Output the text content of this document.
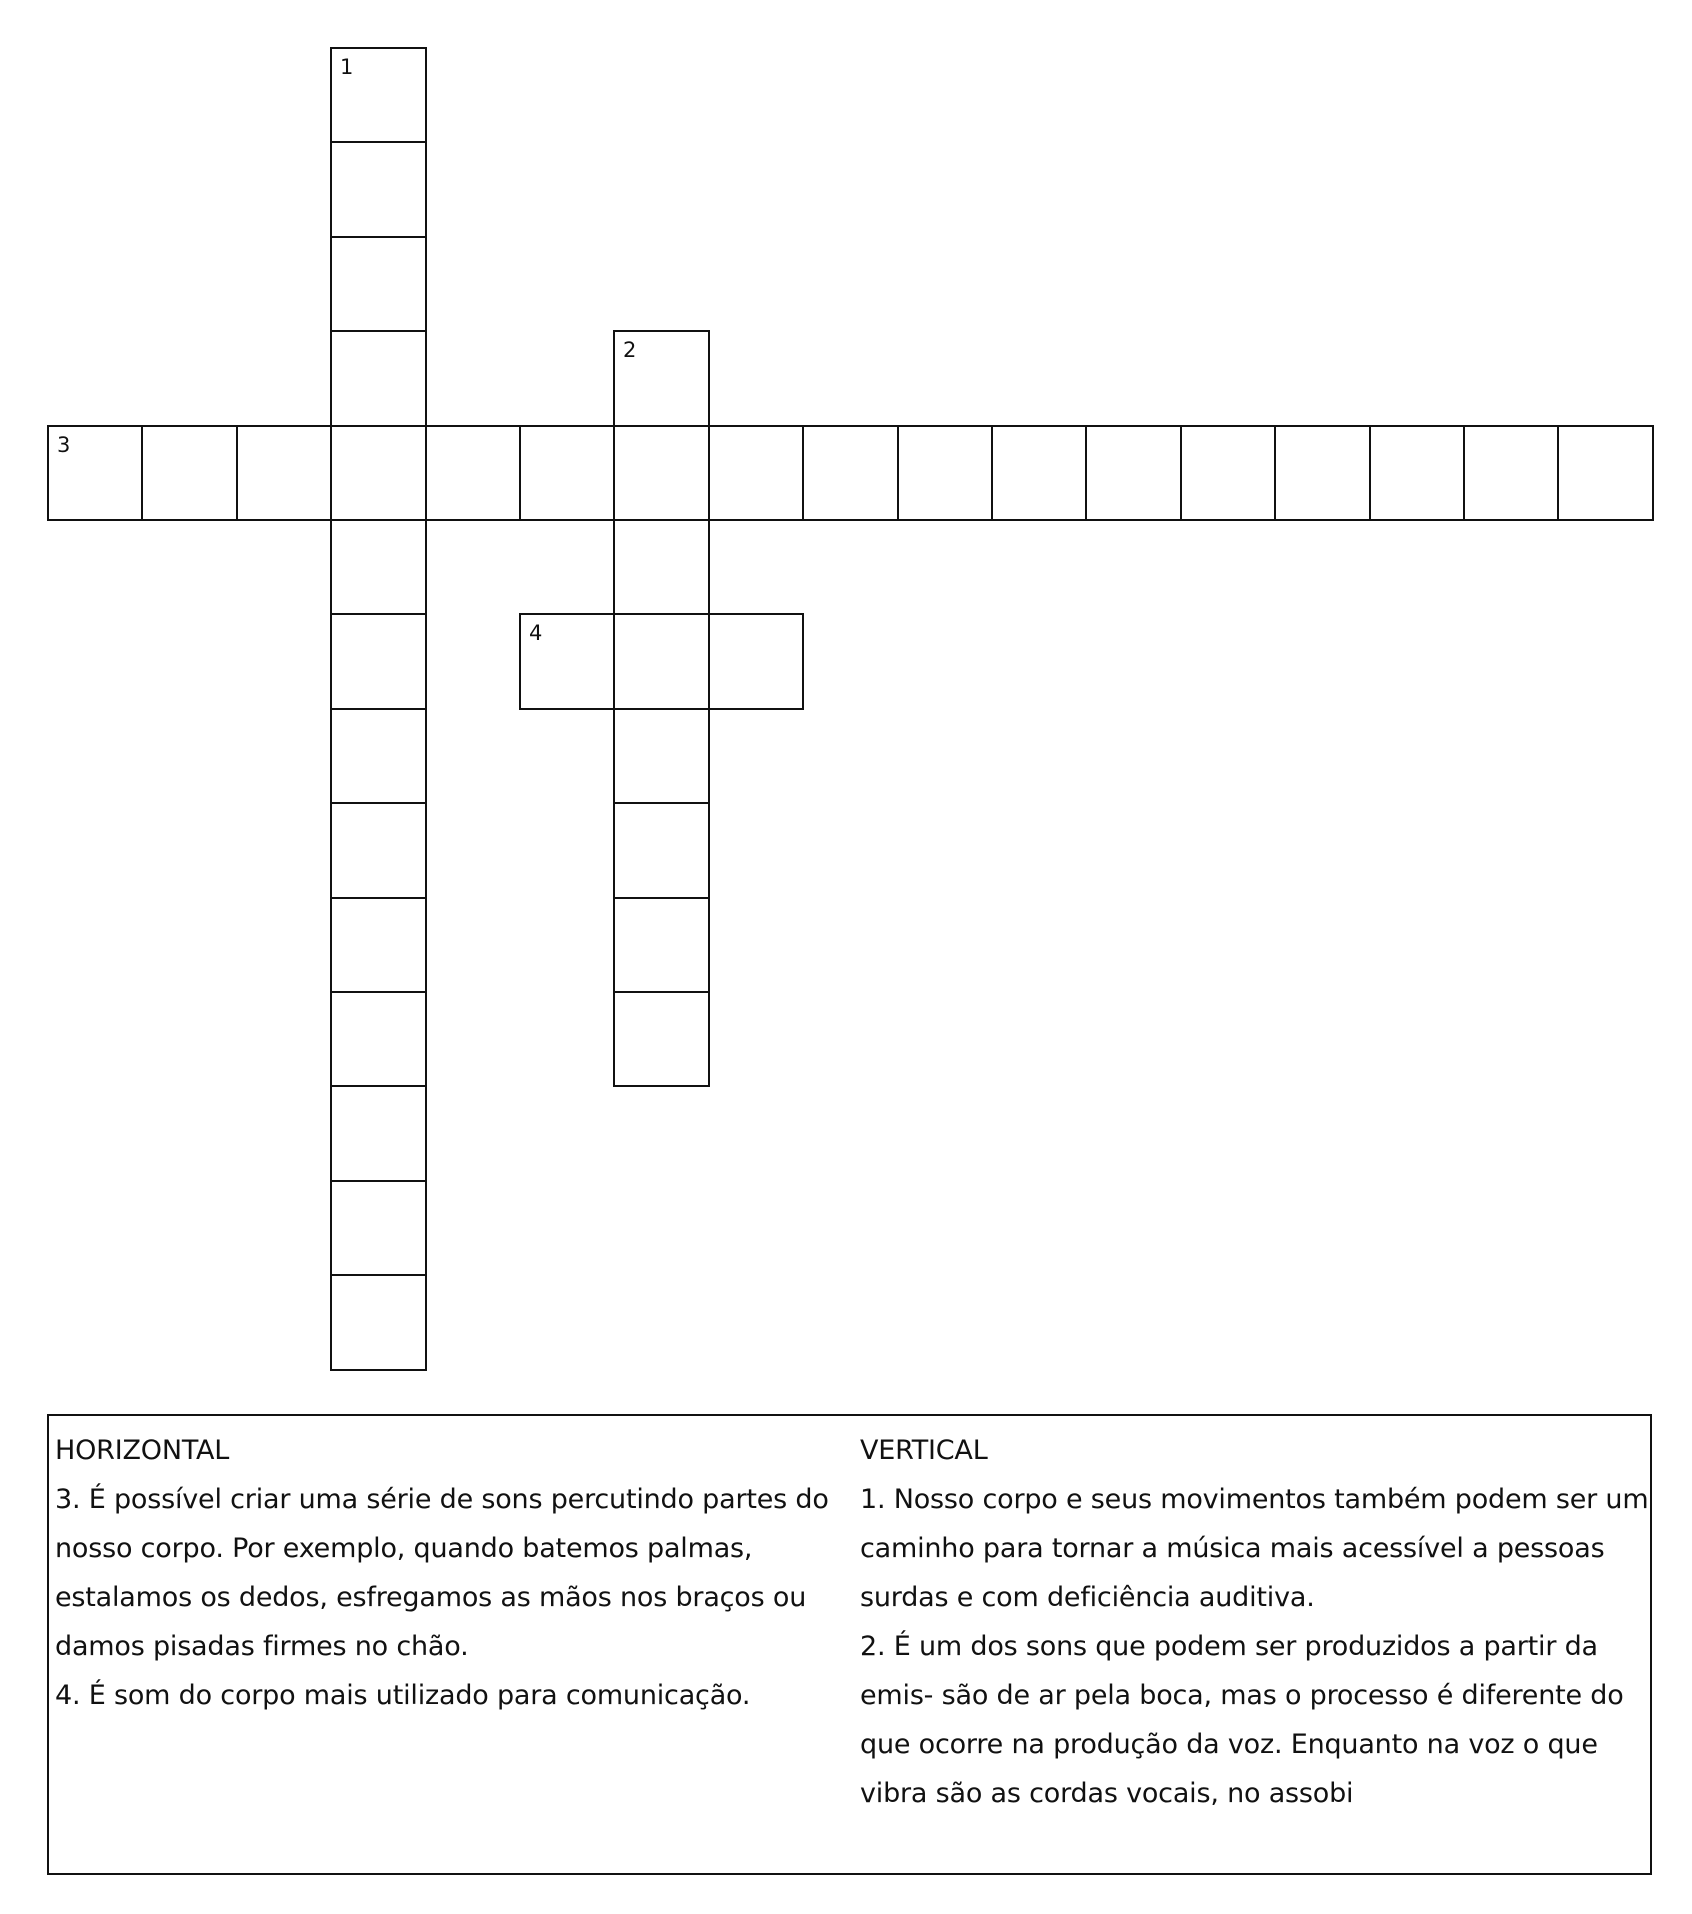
1
2
3
4
HORIZONTAL
3. É possível criar uma série de sons percutindo partes do nosso corpo. Por exemplo, quando batemos palmas, estalamos os dedos, esfregamos as mãos nos braços ou damos pisadas firmes no chão.
4. É som do corpo mais utilizado para comunicação.
VERTICAL
1. Nosso corpo e seus movimentos também podem ser um caminho para tornar a música mais acessível a pessoas surdas e com deficiência auditiva.
2. É um dos sons que podem ser produzidos a partir da emis- são de ar pela boca, mas o processo é diferente do que ocorre na produção da voz. Enquanto na voz o que vibra são as cordas vocais, no assobi
